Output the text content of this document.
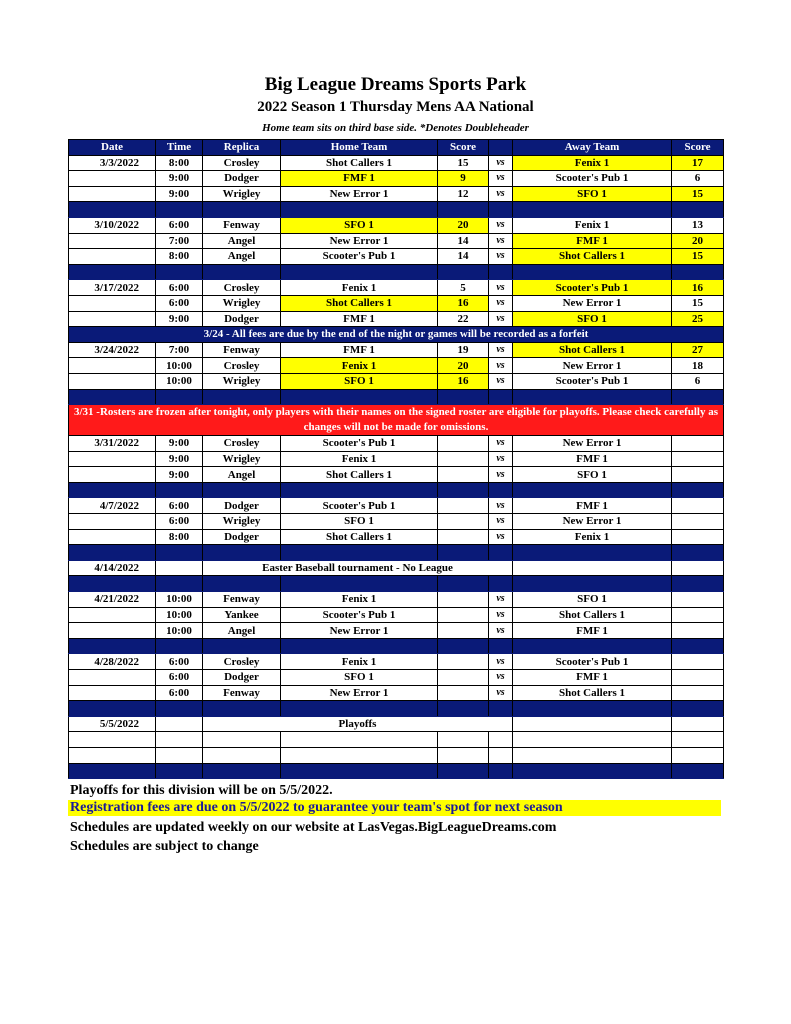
Big League Dreams Sports Park
2022 Season 1 Thursday Mens AA National
Home team sits on third base side. *Denotes Doubleheader
Date	Time	Replica	Home Team	Score		Away Team	Score
3/3/2022	8:00	Crosley	Shot Callers 1	15	vs	Fenix 1	17
	9:00	Dodger	FMF 1	9	vs	Scooter's Pub 1	6
	9:00	Wrigley	New Error 1	12	vs	SFO 1	15

3/10/2022	6:00	Fenway	SFO 1	20	vs	Fenix 1	13
	7:00	Angel	New Error 1	14	vs	FMF 1	20
	8:00	Angel	Scooter's Pub 1	14	vs	Shot Callers 1	15

3/17/2022	6:00	Crosley	Fenix 1	5	vs	Scooter's Pub 1	16
	6:00	Wrigley	Shot Callers 1	16	vs	New Error 1	15
	9:00	Dodger	FMF 1	22	vs	SFO 1	25
3/24 - All fees are due by the end of the night or games will be recorded as a forfeit							
3/24/2022	7:00	Fenway	FMF 1	19	vs	Shot Callers 1	27
	10:00	Crosley	Fenix 1	20	vs	New Error 1	18
	10:00	Wrigley	SFO 1	16	vs	Scooter's Pub 1	6

3/31 -Rosters are frozen after tonight, only players with their names on the signed roster are eligible for playoffs. Please check carefully as changes will not be made for omissions.							
3/31/2022	9:00	Crosley	Scooter's Pub 1		vs	New Error 1	
	9:00	Wrigley	Fenix 1		vs	FMF 1	
	9:00	Angel	Shot Callers 1		vs	SFO 1	

4/7/2022	6:00	Dodger	Scooter's Pub 1		vs	FMF 1	
	6:00	Wrigley	SFO 1		vs	New Error 1	
	8:00	Dodger	Shot Callers 1		vs	Fenix 1	

4/14/2022		Easter Baseball tournament - No League					

4/21/2022	10:00	Fenway	Fenix 1		vs	SFO 1	
	10:00	Yankee	Scooter's Pub 1		vs	Shot Callers 1	
	10:00	Angel	New Error 1		vs	FMF 1	

4/28/2022	6:00	Crosley	Fenix 1		vs	Scooter's Pub 1	
	6:00	Dodger	SFO 1		vs	FMF 1	
	6:00	Fenway	New Error 1		vs	Shot Callers 1	

5/5/2022		Playoffs					

Playoffs for this division will be on 5/5/2022.
Registration fees are due on 5/5/2022 to guarantee your team's spot for next season
Schedules are updated weekly on our website at LasVegas.BigLeagueDreams.com
Schedules are subject to change
